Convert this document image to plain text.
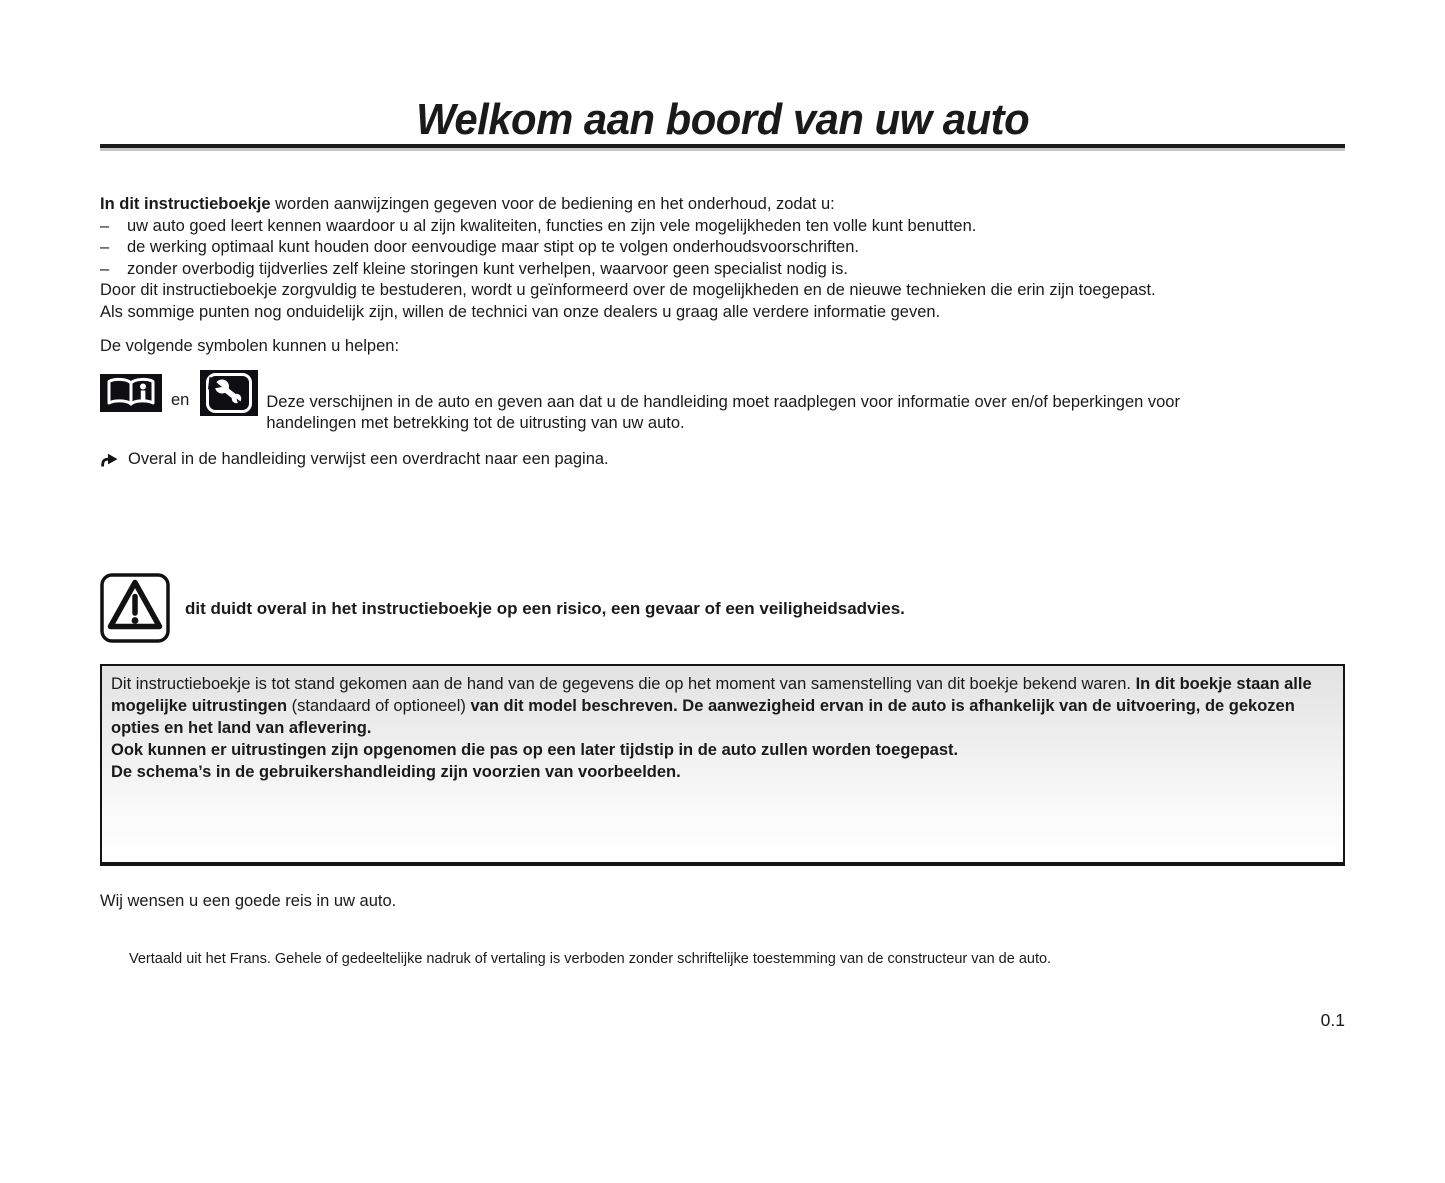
Welkom aan boord van uw auto
In dit instructieboekje worden aanwijzingen gegeven voor de bediening en het onderhoud, zodat u:
–	uw auto goed leert kennen waardoor u al zijn kwaliteiten, functies en zijn vele mogelijkheden ten volle kunt benutten.
–	de werking optimaal kunt houden door eenvoudige maar stipt op te volgen onderhoudsvoorschriften.
–	zonder overbodig tijdverlies zelf kleine storingen kunt verhelpen, waarvoor geen specialist nodig is.
Door dit instructieboekje zorgvuldig te bestuderen, wordt u geïnformeerd over de mogelijkheden en de nieuwe technieken die erin zijn toegepast.
Als sommige punten nog onduidelijk zijn, willen de technici van onze dealers u graag alle verdere informatie geven.
De volgende symbolen kunnen u helpen:
en	Deze verschijnen in de auto en geven aan dat u de handleiding moet raadplegen voor informatie over en/of beperkingen voor
handelingen met betrekking tot de uitrusting van uw auto.
Overal in de handleiding verwijst een overdracht naar een pagina.
dit duidt overal in het instructieboekje op een risico, een gevaar of een veiligheidsadvies.

Dit instructieboekje is tot stand gekomen aan de hand van de gegevens die op het moment van samenstelling van dit boekje bekend waren. In dit boekje staan alle mogelijke uitrustingen (standaard of optioneel) van dit model beschreven. De aanwezigheid ervan in de auto is afhankelijk van de uitvoering, de gekozen opties en het land van aflevering.

Ook kunnen er uitrustingen zijn opgenomen die pas op een later tijdstip in de auto zullen worden toegepast.

De schema’s in de gebruikershandleiding zijn voorzien van voorbeelden.

Wij wensen u een goede reis in uw auto.
Vertaald uit het Frans. Gehele of gedeeltelijke nadruk of vertaling is verboden zonder schriftelijke toestemming van de constructeur van de auto.
0.1
